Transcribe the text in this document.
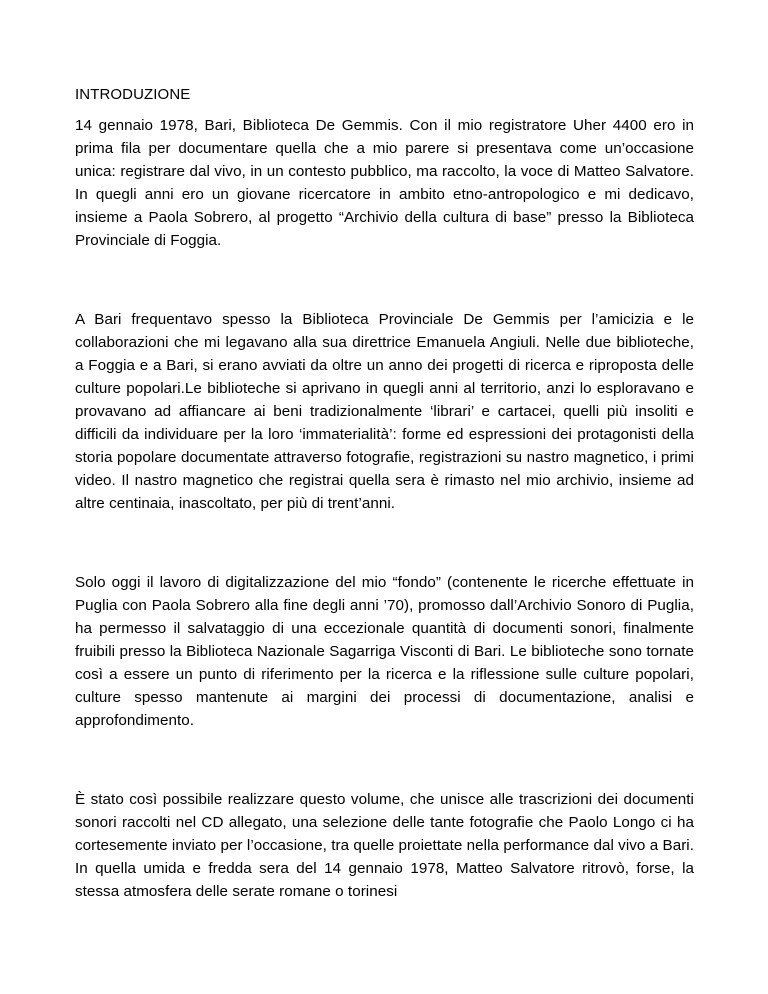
INTRODUZIONE

14 gennaio 1978, Bari, Biblioteca De Gemmis. Con il mio registratore Uher 4400 ero in prima fila per documentare quella che a mio parere si presentava come un’occasione unica: registrare dal vivo, in un contesto pubblico, ma raccolto, la voce di Matteo Salvatore. In quegli anni ero un giovane ricercatore in ambito etno-antropologico e mi dedicavo, insieme a Paola Sobrero, al progetto “Archivio della cultura di base” presso la Biblioteca Provinciale di Foggia.

A Bari frequentavo spesso la Biblioteca Provinciale De Gemmis per l’amicizia e le collaborazioni che mi legavano alla sua direttrice Emanuela Angiuli. Nelle due biblioteche, a Foggia e a Bari, si erano avviati da oltre un anno dei progetti di ricerca e riproposta delle culture popolari.Le biblioteche si aprivano in quegli anni al territorio, anzi lo esploravano e provavano ad affiancare ai beni tradizionalmente ‘librari’ e cartacei, quelli più insoliti e difficili da individuare per la loro ‘immaterialità’: forme ed espressioni dei protagonisti della storia popolare documentate attraverso fotografie, registrazioni su nastro magnetico, i primi video. Il nastro magnetico che registrai quella sera è rimasto nel mio archivio, insieme ad altre centinaia, inascoltato, per più di trent’anni.

Solo oggi il lavoro di digitalizzazione del mio “fondo” (contenente le ricerche effettuate in Puglia con Paola Sobrero alla fine degli anni ’70), promosso dall’Archivio Sonoro di Puglia, ha permesso il salvataggio di una eccezionale quantità di documenti sonori, finalmente fruibili presso la Biblioteca Nazionale Sagarriga Visconti di Bari. Le biblioteche sono tornate così a essere un punto di riferimento per la ricerca e la riflessione sulle culture popolari, culture spesso mantenute ai margini dei processi di documentazione, analisi e approfondimento.

È stato così possibile realizzare questo volume, che unisce alle trascrizioni dei documenti sonori raccolti nel CD allegato, una selezione delle tante fotografie che Paolo Longo ci ha cortesemente inviato per l’occasione, tra quelle proiettate nella performance dal vivo a Bari. In quella umida e fredda sera del 14 gennaio 1978, Matteo Salvatore ritrovò, forse, la stessa atmosfera delle serate romane o torinesi
